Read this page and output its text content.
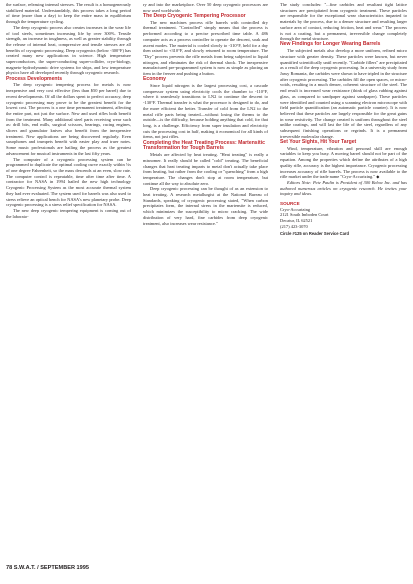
the surface, releasing internal stresses. The result is a homogeneously stabilized material. Understandably, this process takes a long period of time (more than a day) to keep the entire mass in equilibrium through the temperature cycling.

The deep cryogenic process also creates increases in the wear life of tool steels, sometimes increasing life by over 300%. Tensile strength, an increase in toughness, as well as greater stability through the release of internal heat, compressive and tensile stresses are all benefits of cryogenic processing. Deep cryogenics (below -300°F) has created many new applications in science. High temperature superconductors, the super-conducting super-collider, cryo-biology, magneto-hydrodynamic drive systems for ships, and low temperature physics have all developed recently through cryogenic research.

Process Developments

The deep cryogenic tempering process for metals is now inexpensive and very cost effective (less than $50 per barrel) due to recent developments. Of all the dollars spent to perfect accuracy, deep cryogenic processing may prove to be the greatest benefit for the lowest cost. The process is a one time permanent treatment, affecting the entire part, not just the surface. New and used rifles both benefit from the treatment. Many additional steel parts receiving wear such as: drill bits, end mills, surgical scissors, bearings, racing engines, slicers and granulator knives also benefit from the inexpensive treatment. New applications are being discovered regularly. Even saxophones and trumpets benefit with easier play and truer notes. Some music professionals are hailing the process as the greatest advancement for musical instruments in the last fifty years.

The computer of a cryogenic processing system can be programmed to duplicate the optimal cooling curve exactly within ⅓s of one degree Fahrenheit, so the mass descends at an even, slow rate. The computer control is repeatable, time after time after time. A contractor for NASA in 1994 hailed the new high technology Cryogenic Processing System as the most accurate thermal system they had ever evaluated. The system used for barrels was also used to stress relieve an optical bench for NASA's new planetary probe. Deep cryogenic processing is a stress relief specification for NASA.

The new deep cryogenic tempering equipment is coming out of the laborato-

ry and into the marketplace. Over 50 deep cryogenic processors are now used worldwide.

The Deep Cryogenic Tempering Processor

The new machines process rifle barrels with controlled dry thermal treatment. "Controlled" simply means that the process is performed according to a precise prescribed time table. A 486 computer acts as a process controller to operate the descent, soak and ascent modes. The material is cooled slowly to -310°F, held for a day then raised to +310°F, and slowly returned to room temperature. The "Dry" process prevents the rifle metals from being subjected to liquid nitrogen, and eliminates the risk of thermal shock. The inexpensive manufactured pre-programmed system is now as simple as placing an item in the freezer and pushing a button.

Economy

Since liquid nitrogen is the largest processing cost, a cascade compressor system using electricity cools the chamber to -110°F, where it seamlessly transitions to LN2 to continue the descent to -130°F. Thermal transfer is what the processor is designed to do, and the more efficient the better. Transfer of cold from the LN2 to the metal rifle parts being treated—without losing the therms to the outside—is the difficulty, because holding anything that cold, for that long, is a challenge. Efficiency from super insulation and electricity cuts the processing cost in half, making it economical for all kinds of items, not just rifles.

Completing the Heat Treating Process: Martensitic Transformation for Tough Barrels

Metals are affected by heat treating. "Heat treating" is really a misnomer. It really should be called "cold" treating. The beneficial changes that heat treating imparts to metal don't actually take place from heating, but rather from the cooling or "quenching" from a high temperature. The changes don't stop at room temperature, but continue all the way to absolute zero.

Deep cryogenic processing can be thought of as an extension to heat treating. A research metallurgist at the National Bureau of Standards, speaking of cryogenic processing stated, "When carbon precipitates form, the internal stress in the martensite is reduced, which minimizes the susceptibility to micro cracking. The wide distribution of very hard, fine carbides from deep cryogenic treatment, also increases wear resistance."

The study concludes: "...fine carbides and resultant tight lattice structures are precipitated from cryogenic treatment. These particles are responsible for the exceptional wear characteristics imparted to materials by the process, due to a denser structure and resulting larger surface area of contact, reducing friction, heat and wear." The process is not a coating, but a permanent, irreversible change completely through the metal structure.

New Findings for Longer Wearing Barrels

The subjected metals also develop a more uniform, refined micro structure with greater density. These particles were known, but never quantified scientifically until recently. "Carbide fillers" are precipitated as a result of the deep cryogenic processing. In a university study from Jassy Romania, the carbides were shown to have tripled in the structure after cryogenic processing. The carbides fill the open spaces, or micro-voids, resulting in a much denser, coherent structure of the steel. The end result is increased wear resistance (think of glass rubbing against glass, as compared to sandpaper against sandpaper). These particles were identified and counted using a scanning electron microscope with field particle quantification (an automatic particle counter). It is now believed that these particles are largely responsible for the great gains in wear resistivity. The change created is uniform throughout the steel unlike coatings, and will last the life of the steel, regardless of any subsequent finishing operations or regrinds. It is a permanent irreversible molecular change.

Set Your Sights, Hit Your Target

Wind, temperature, vibration and personal skill are enough variables to keep you busy. A moving barrel should not be part of the equation. Among the properties which define the attributes of a high quality rifle, accuracy is the highest importance. Cryogenic processing increases accuracy of rifle barrels. The process is now available to the rifle market under the trade name "Cryo-Accurizing." ◆

Editors Note: Pete Paulin is President of 300 Below Inc. and has authored numerous articles on cryogenic research. He invites your inquiry and ideas.

SOURCE

Cryo-Accurizing

2121 South Imboden Court

Decatur, IL 62521

(217) 423-3070

Circle #125 on Reader Service Card

78 S.W.A.T. / SEPTEMBER 1995
